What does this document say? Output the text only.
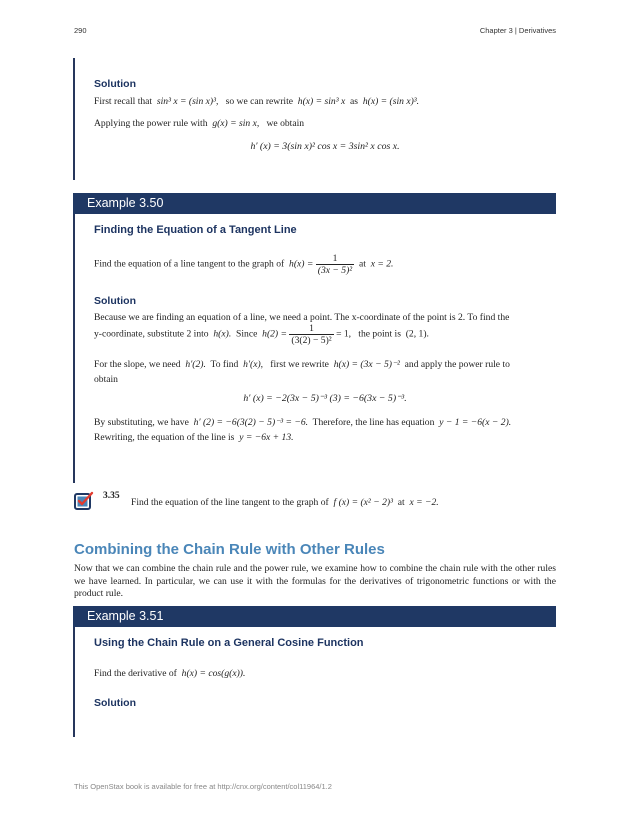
290	Chapter 3 | Derivatives
Solution
First recall that sin³ x = (sin x)³, so we can rewrite h(x) = sin³ x as h(x) = (sin x)³.
Applying the power rule with g(x) = sin x, we obtain
h′ (x) = 3(sin x)² cos x = 3sin² x cos x.
Example 3.50
Finding the Equation of a Tangent Line
Find the equation of a line tangent to the graph of $h(x) = \frac{1}{\text{(3x − 5)²}}$ at x = 2.
Solution
Because we are finding an equation of a line, we need a point. The x-coordinate of the point is 2. To find the
y-coordinate, substitute 2 into h(x). Since $h(2) = \frac{1}{\text{(3(2) − 5)²}} = 1$, the point is (2, 1).
For the slope, we need h′(2). To find h′(x), first we rewrite h(x) = (3x − 5)⁻² and apply the power rule to
obtain
h′ (x) = −2(3x − 5)⁻³ (3) = −6(3x − 5)⁻³.
By substituting, we have h′ (2) = −6(3(2) − 5)⁻³ = −6. Therefore, the line has equation y − 1 = −6(x − 2).
Rewriting, the equation of the line is y = −6x + 13.
3.35
Find the equation of the line tangent to the graph of f (x) = (x² − 2)³ at x = −2.
Combining the Chain Rule with Other Rules
Now that we can combine the chain rule and the power rule, we examine how to combine the chain rule with the other rules we have learned. In particular, we can use it with the formulas for the derivatives of trigonometric functions or with the product rule.
Example 3.51
Using the Chain Rule on a General Cosine Function
Find the derivative of h(x) = cos(g(x)).
Solution
This OpenStax book is available for free at http://cnx.org/content/col11964/1.2
